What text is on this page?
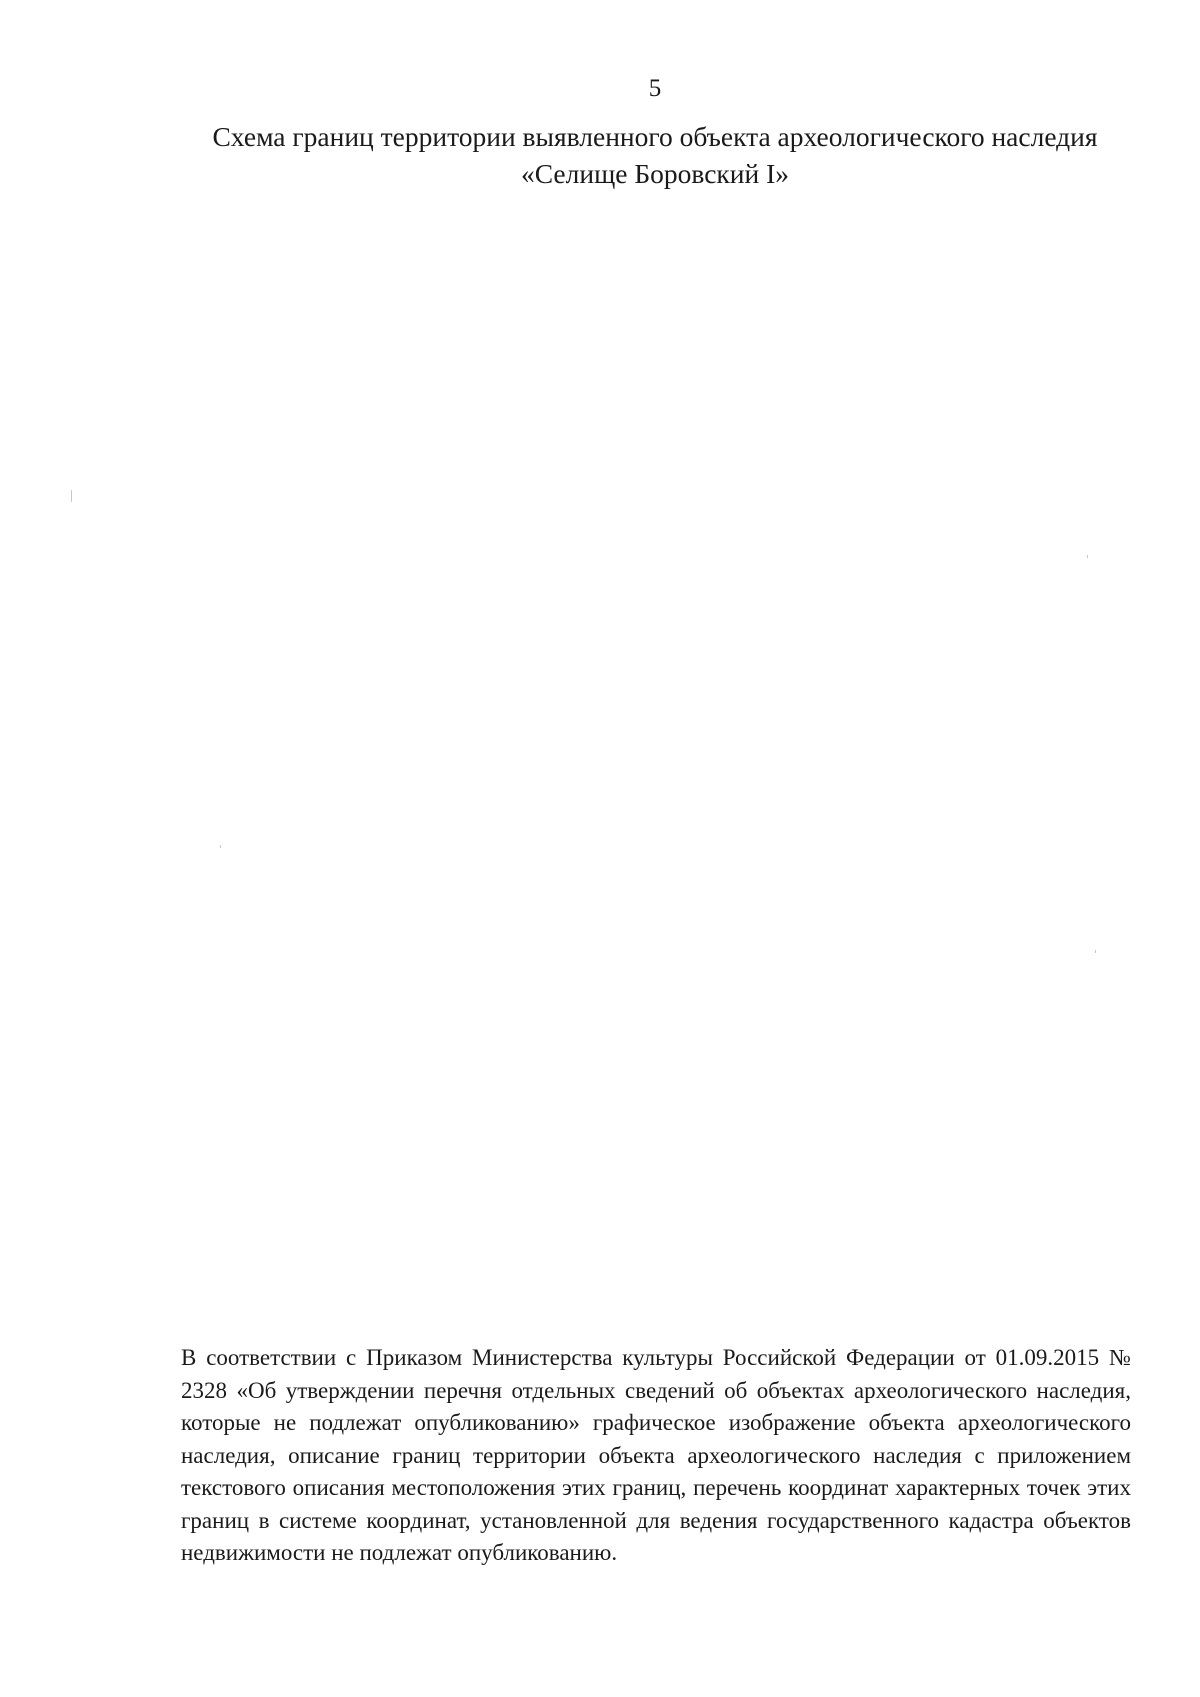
5
Схема границ территории выявленного объекта археологического наследия
«Селище Боровский I»
В соответствии с Приказом Министерства культуры Российской Федерации от 01.09.2015 № 2328 «Об утверждении перечня отдельных сведений об объектах археологического наследия, которые не подлежат опубликованию» графическое изображение объекта археологического наследия, описание границ территории объекта археологического наследия с приложением текстового описания местоположения этих границ, перечень координат характерных точек этих границ в системе координат, установленной для ведения государственного кадастра объектов недвижимости не подлежат опубликованию.
